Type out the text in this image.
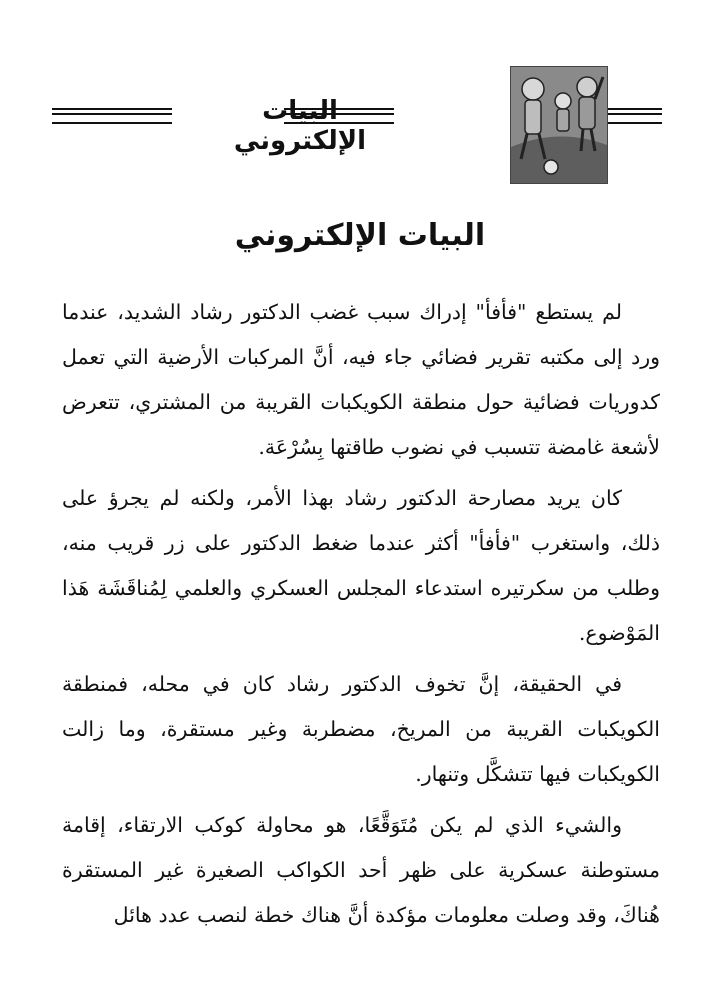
البيات الإلكتروني
البيات الإلكتروني

لم يستطع "فأفأ" إدراك سبب غضب الدكتور رشاد الشديد، عندما ورد إلى مكتبه تقرير فضائي جاء فيه، أنَّ المركبات الأرضية التي تعمل كدوريات فضائية حول منطقة الكويكبات القريبة من المشتري، تتعرض لأشعة غامضة تتسبب في نضوب طاقتها بِسُرْعَة.

كان يريد مصارحة الدكتور رشاد بهذا الأمر، ولكنه لم يجرؤ على ذلك، واستغرب "فأفأ" أكثر عندما ضغط الدكتور على زر قريب منه، وطلب من سكرتيره استدعاء المجلس العسكري والعلمي لِمُناقَشَة هَذا المَوْضوع.

في الحقيقة، إنَّ تخوف الدكتور رشاد كان في محله، فمنطقة الكويكبات القريبة من المريخ، مضطربة وغير مستقرة، وما زالت الكويكبات فيها تتشكَّل وتنهار.

والشيء الذي لم يكن مُتَوَقَّعًا، هو محاولة كوكب الارتقاء، إقامة مستوطنة عسكرية على ظهر أحد الكواكب الصغيرة غير المستقرة هُناكَ، وقد وصلت معلومات مؤكدة أنَّ هناك خطة لنصب عدد هائل
